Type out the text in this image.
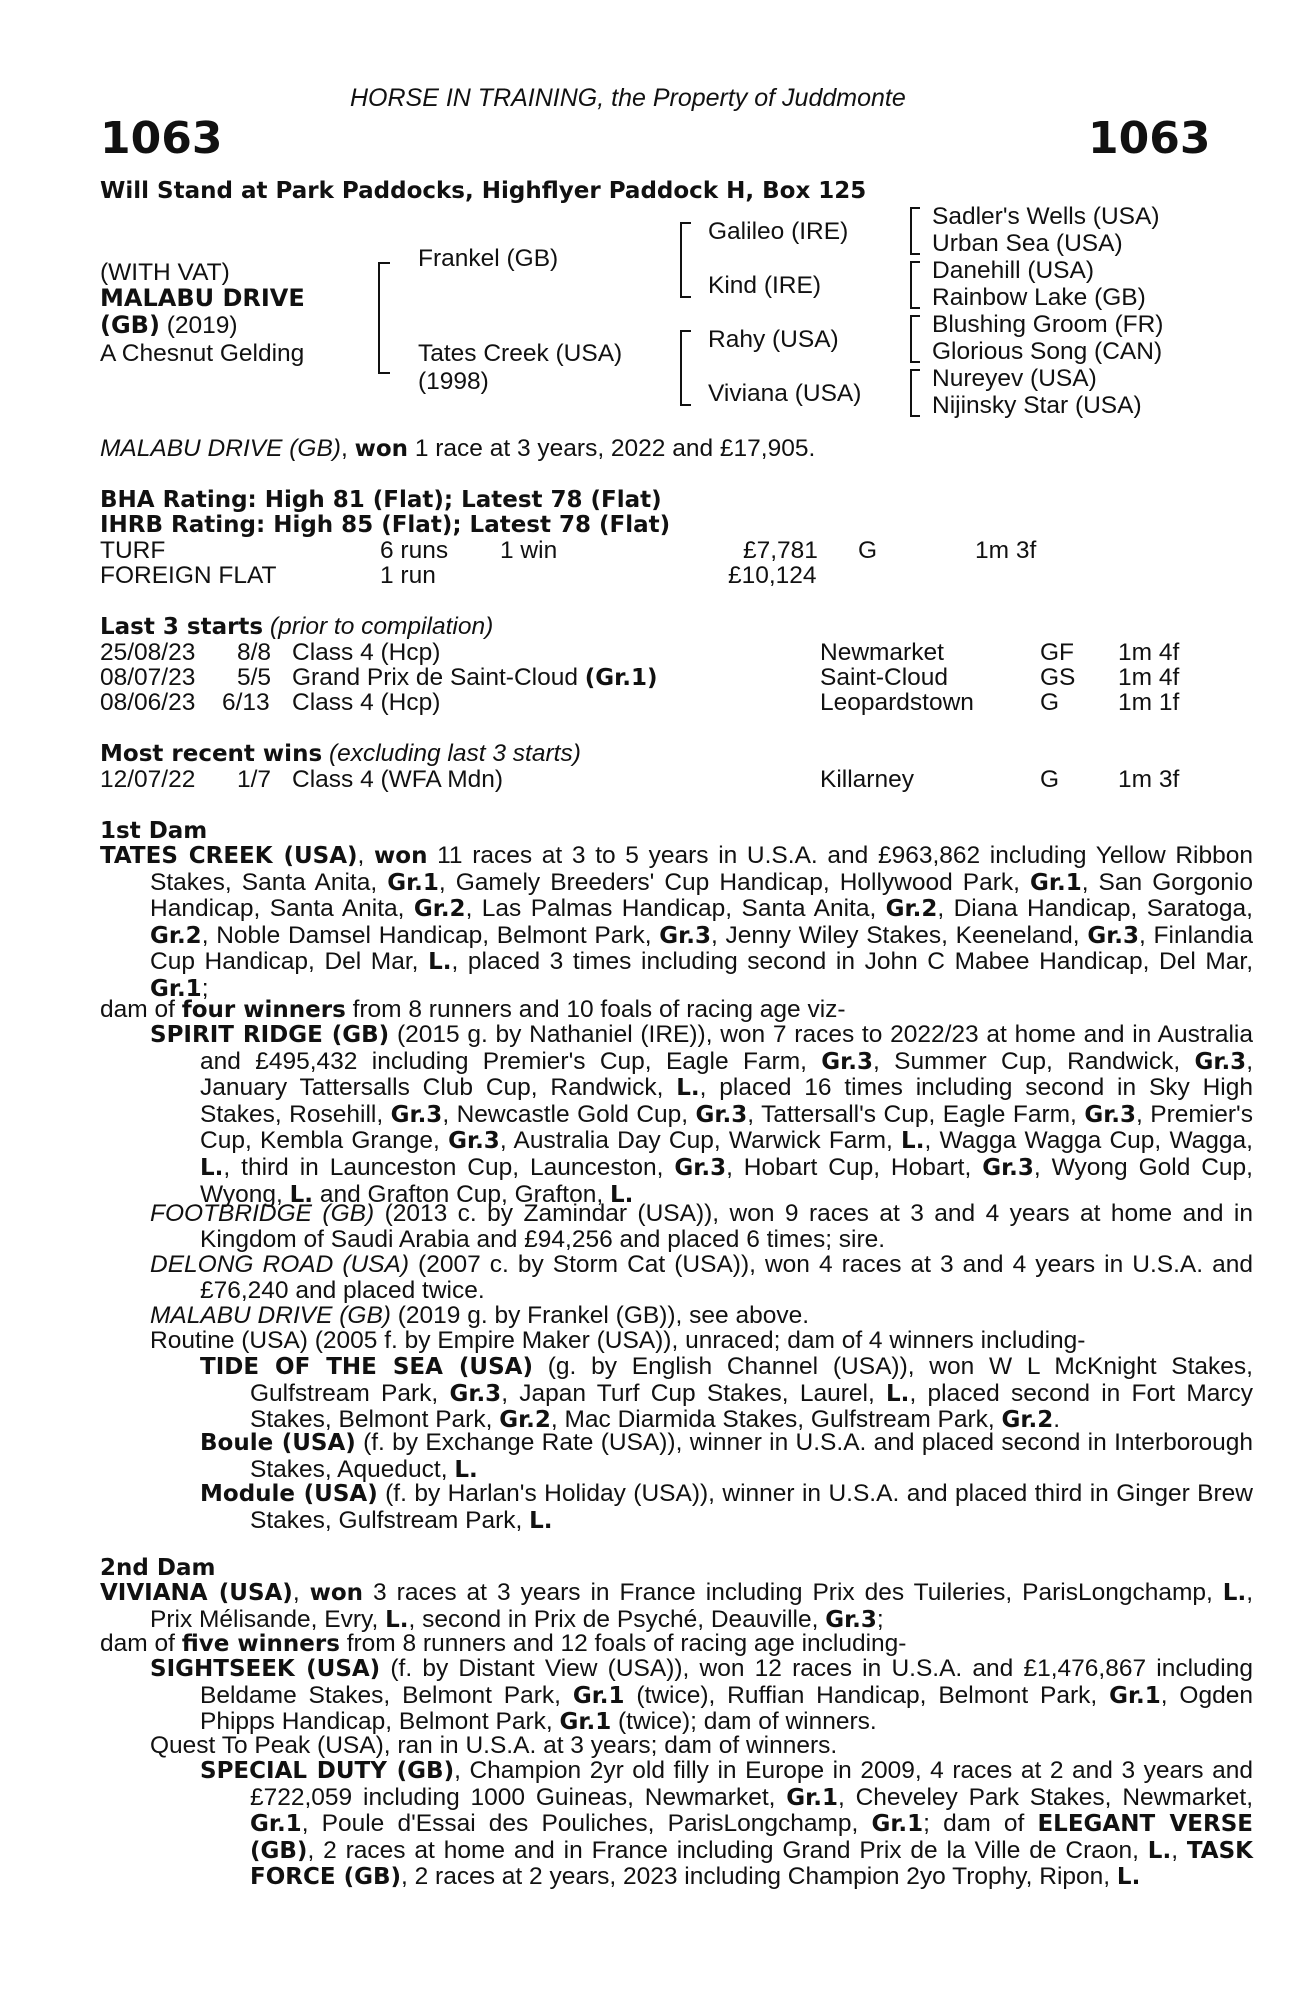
HORSE IN TRAINING, the Property of Juddmonte
1063	1063
Will Stand at Park Paddocks, Highflyer Paddock H, Box 125
(WITH VAT)
MALABU DRIVE
(GB) (2019)
A Chesnut Gelding
Frankel (GB)
Tates Creek (USA)
(1998)
Galileo (IRE)
Kind (IRE)
Rahy (USA)
Viviana (USA)
Sadler's Wells (USA)
Urban Sea (USA)
Danehill (USA)
Rainbow Lake (GB)
Blushing Groom (FR)
Glorious Song (CAN)
Nureyev (USA)
Nijinsky Star (USA)
MALABU DRIVE (GB), won 1 race at 3 years, 2022 and £17,905.
BHA Rating: High 81 (Flat); Latest 78 (Flat)
IHRB Rating: High 85 (Flat); Latest 78 (Flat)
TURF	6 runs 1 win	£7,781 G	1m 3f
FOREIGN FLAT	1 run	£10,124
Last 3 starts (prior to compilation)
25/08/23 8/8 Class 4 (Hcp)	Newmarket	GF 1m 4f
08/07/23 5/5 Grand Prix de Saint-Cloud (Gr.1)	Saint-Cloud	GS 1m 4f
08/06/23 6/13 Class 4 (Hcp)	Leopardstown	G 1m 1f
Most recent wins (excluding last 3 starts)
12/07/22 1/7 Class 4 (WFA Mdn)	Killarney	G 1m 3f
1st Dam
TATES CREEK (USA), won 11 races at 3 to 5 years in U.S.A. and £963,862 including Yellow Ribbon Stakes, Santa Anita, Gr.1, Gamely Breeders' Cup Handicap, Hollywood Park, Gr.1, San Gorgonio Handicap, Santa Anita, Gr.2, Las Palmas Handicap, Santa Anita, Gr.2, Diana Handicap, Saratoga, Gr.2, Noble Damsel Handicap, Belmont Park, Gr.3, Jenny Wiley Stakes, Keeneland, Gr.3, Finlandia Cup Handicap, Del Mar, L., placed 3 times including second in John C Mabee Handicap, Del Mar, Gr.1;
dam of four winners from 8 runners and 10 foals of racing age viz-
SPIRIT RIDGE (GB) (2015 g. by Nathaniel (IRE)), won 7 races to 2022/23 at home and in Australia and £495,432 including Premier's Cup, Eagle Farm, Gr.3, Summer Cup, Randwick, Gr.3, January Tattersalls Club Cup, Randwick, L., placed 16 times including second in Sky High Stakes, Rosehill, Gr.3, Newcastle Gold Cup, Gr.3, Tattersall's Cup, Eagle Farm, Gr.3, Premier's Cup, Kembla Grange, Gr.3, Australia Day Cup, Warwick Farm, L., Wagga Wagga Cup, Wagga, L., third in Launceston Cup, Launceston, Gr.3, Hobart Cup, Hobart, Gr.3, Wyong Gold Cup, Wyong, L. and Grafton Cup, Grafton, L.
FOOTBRIDGE (GB) (2013 c. by Zamindar (USA)), won 9 races at 3 and 4 years at home and in Kingdom of Saudi Arabia and £94,256 and placed 6 times; sire.
DELONG ROAD (USA) (2007 c. by Storm Cat (USA)), won 4 races at 3 and 4 years in U.S.A. and £76,240 and placed twice.
MALABU DRIVE (GB) (2019 g. by Frankel (GB)), see above.
Routine (USA) (2005 f. by Empire Maker (USA)), unraced; dam of 4 winners including-
TIDE OF THE SEA (USA) (g. by English Channel (USA)), won W L McKnight Stakes, Gulfstream Park, Gr.3, Japan Turf Cup Stakes, Laurel, L., placed second in Fort Marcy Stakes, Belmont Park, Gr.2, Mac Diarmida Stakes, Gulfstream Park, Gr.2.
Boule (USA) (f. by Exchange Rate (USA)), winner in U.S.A. and placed second in Interborough Stakes, Aqueduct, L.
Module (USA) (f. by Harlan's Holiday (USA)), winner in U.S.A. and placed third in Ginger Brew Stakes, Gulfstream Park, L.
2nd Dam
VIVIANA (USA), won 3 races at 3 years in France including Prix des Tuileries, ParisLongchamp, L., Prix Mélisande, Evry, L., second in Prix de Psyché, Deauville, Gr.3;
dam of five winners from 8 runners and 12 foals of racing age including-
SIGHTSEEK (USA) (f. by Distant View (USA)), won 12 races in U.S.A. and £1,476,867 including Beldame Stakes, Belmont Park, Gr.1 (twice), Ruffian Handicap, Belmont Park, Gr.1, Ogden Phipps Handicap, Belmont Park, Gr.1 (twice); dam of winners.
Quest To Peak (USA), ran in U.S.A. at 3 years; dam of winners.
SPECIAL DUTY (GB), Champion 2yr old filly in Europe in 2009, 4 races at 2 and 3 years and £722,059 including 1000 Guineas, Newmarket, Gr.1, Cheveley Park Stakes, Newmarket, Gr.1, Poule d'Essai des Pouliches, ParisLongchamp, Gr.1; dam of ELEGANT VERSE (GB), 2 races at home and in France including Grand Prix de la Ville de Craon, L., TASK FORCE (GB), 2 races at 2 years, 2023 including Champion 2yo Trophy, Ripon, L.
